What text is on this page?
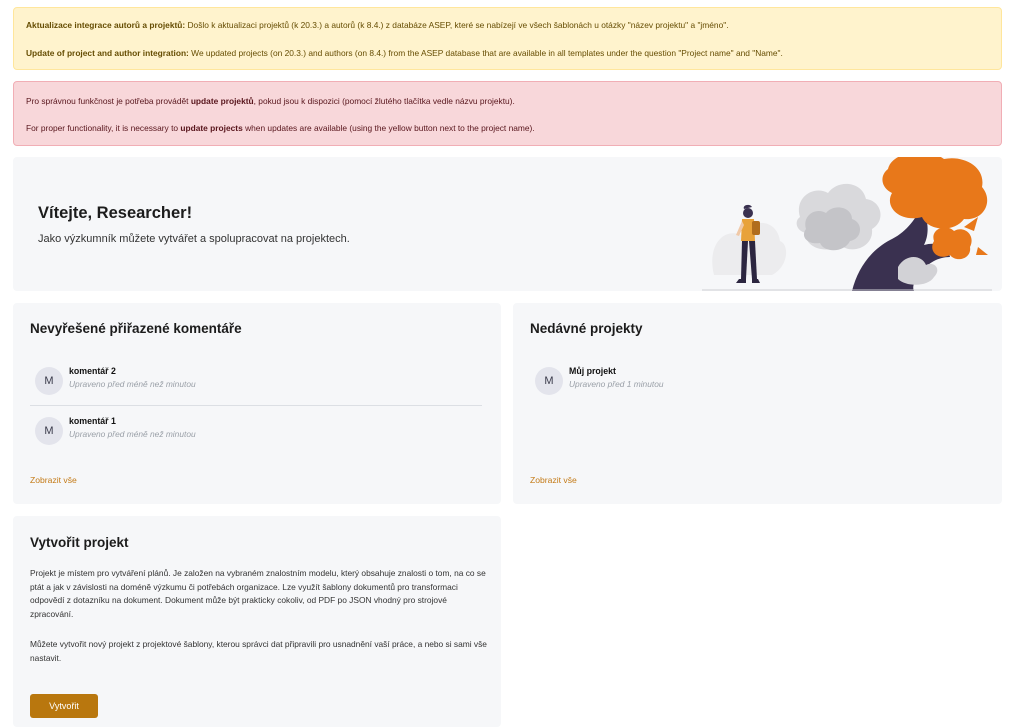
Aktualizace integrace autorů a projektů: Došlo k aktualizaci projektů (k 20.3.) a autorů (k 8.4.) z databáze ASEP, které se nabízejí ve všech šablonách u otázky "název projektu" a "jméno".

Update of project and author integration: We updated projects (on 20.3.) and authors (on 8.4.) from the ASEP database that are available in all templates under the question "Project name" and "Name".

Pro správnou funkčnost je potřeba provádět update projektů, pokud jsou k dispozici (pomocí žlutého tlačítka vedle názvu projektu).

For proper functionality, it is necessary to update projects when updates are available (using the yellow button next to the project name).

Vítejte, Researcher!

Jako výzkumník můžete vytvářet a spolupracovat na projektech.

Nevyřešené přiřazené komentáře
M
komentář 2
Upraveno před méně než minutou
M
komentář 1
Upraveno před méně než minutou
Zobrazit vše
Nedávné projekty
M
Můj projekt
Upraveno před 1 minutou
Zobrazit vše
Vytvořit projekt

Projekt je místem pro vytváření plánů. Je založen na vybraném znalostním modelu, který obsahuje znalosti o tom, na co se ptát a jak v závislosti na doméně výzkumu či potřebách organizace. Lze využít šablony dokumentů pro transformaci odpovědí z dotazníku na dokument. Dokument může být prakticky cokoliv, od PDF po JSON vhodný pro strojové zpracování.

Můžete vytvořit nový projekt z projektové šablony, kterou správci dat připravili pro usnadnění vaší práce, a nebo si sami vše nastavit.

Vytvořit
